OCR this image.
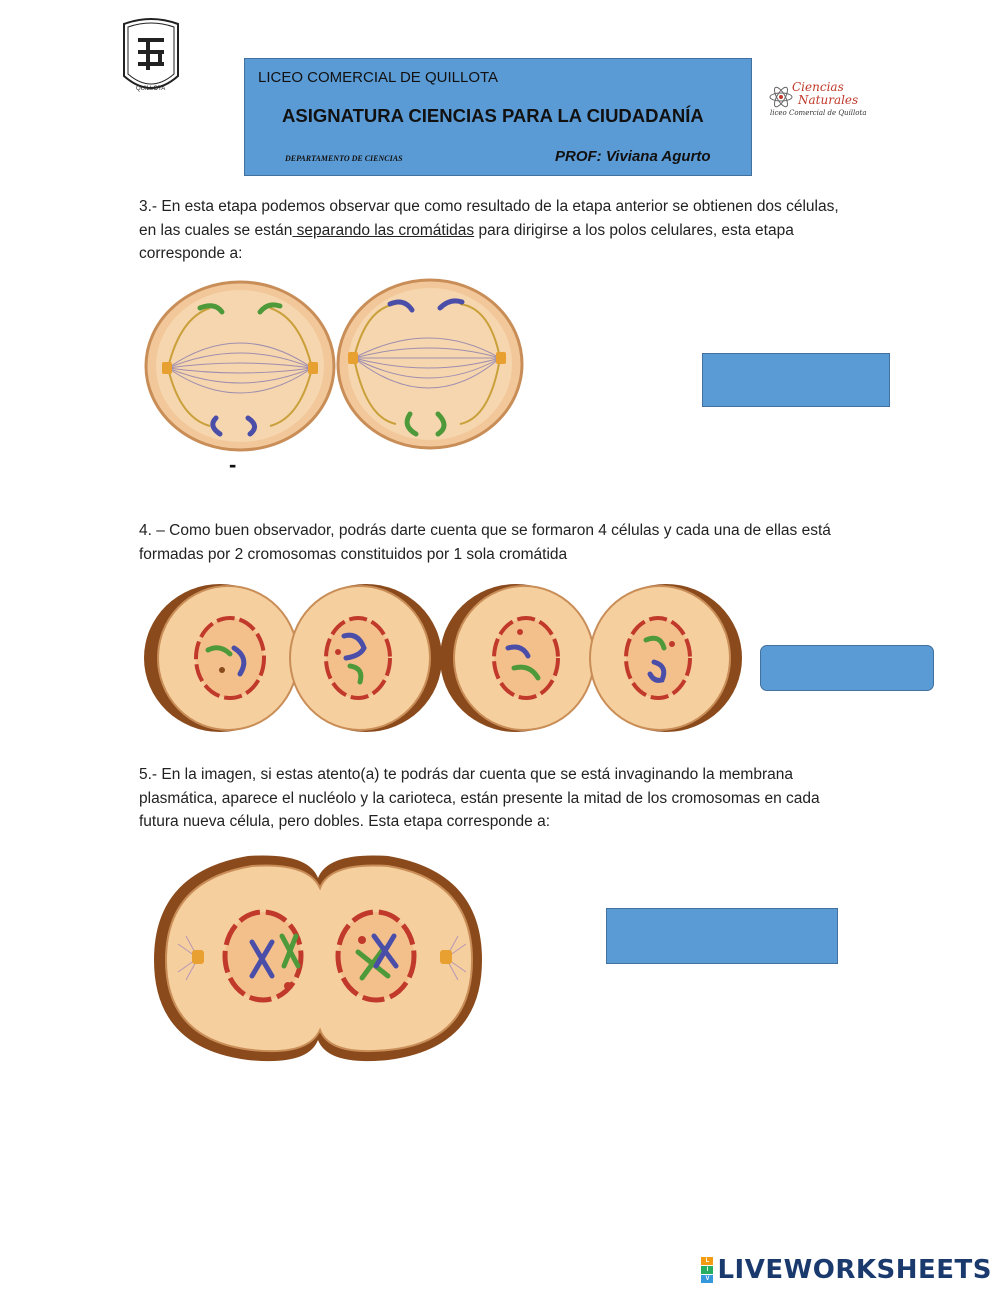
QUILLOTA
LICEO COMERCIAL DE QUILLOTA
ASIGNATURA CIENCIAS PARA LA CIUDADANÍA
DEPARTAMENTO DE CIENCIAS	PROF: Viviana Agurto
Ciencias
Naturales
liceo Comercial de Quillota
3.- En esta etapa podemos observar que como resultado de la etapa anterior se obtienen dos células, en las cuales se están separando las cromátidas para dirigirse a los polos celulares, esta etapa corresponde a:
-
4. – Como buen observador, podrás darte cuenta que se formaron 4 células y cada una de ellas está formadas por 2 cromosomas constituidos por 1 sola cromátida
5.- En la imagen, si estas atento(a) te podrás dar cuenta que se está invaginando la membrana plasmática, aparece el nucléolo y la carioteca, están presente la mitad de los cromosomas en cada futura nueva célula, pero dobles. Esta etapa corresponde a:
L
I
V LIVEWORKSHEETS
